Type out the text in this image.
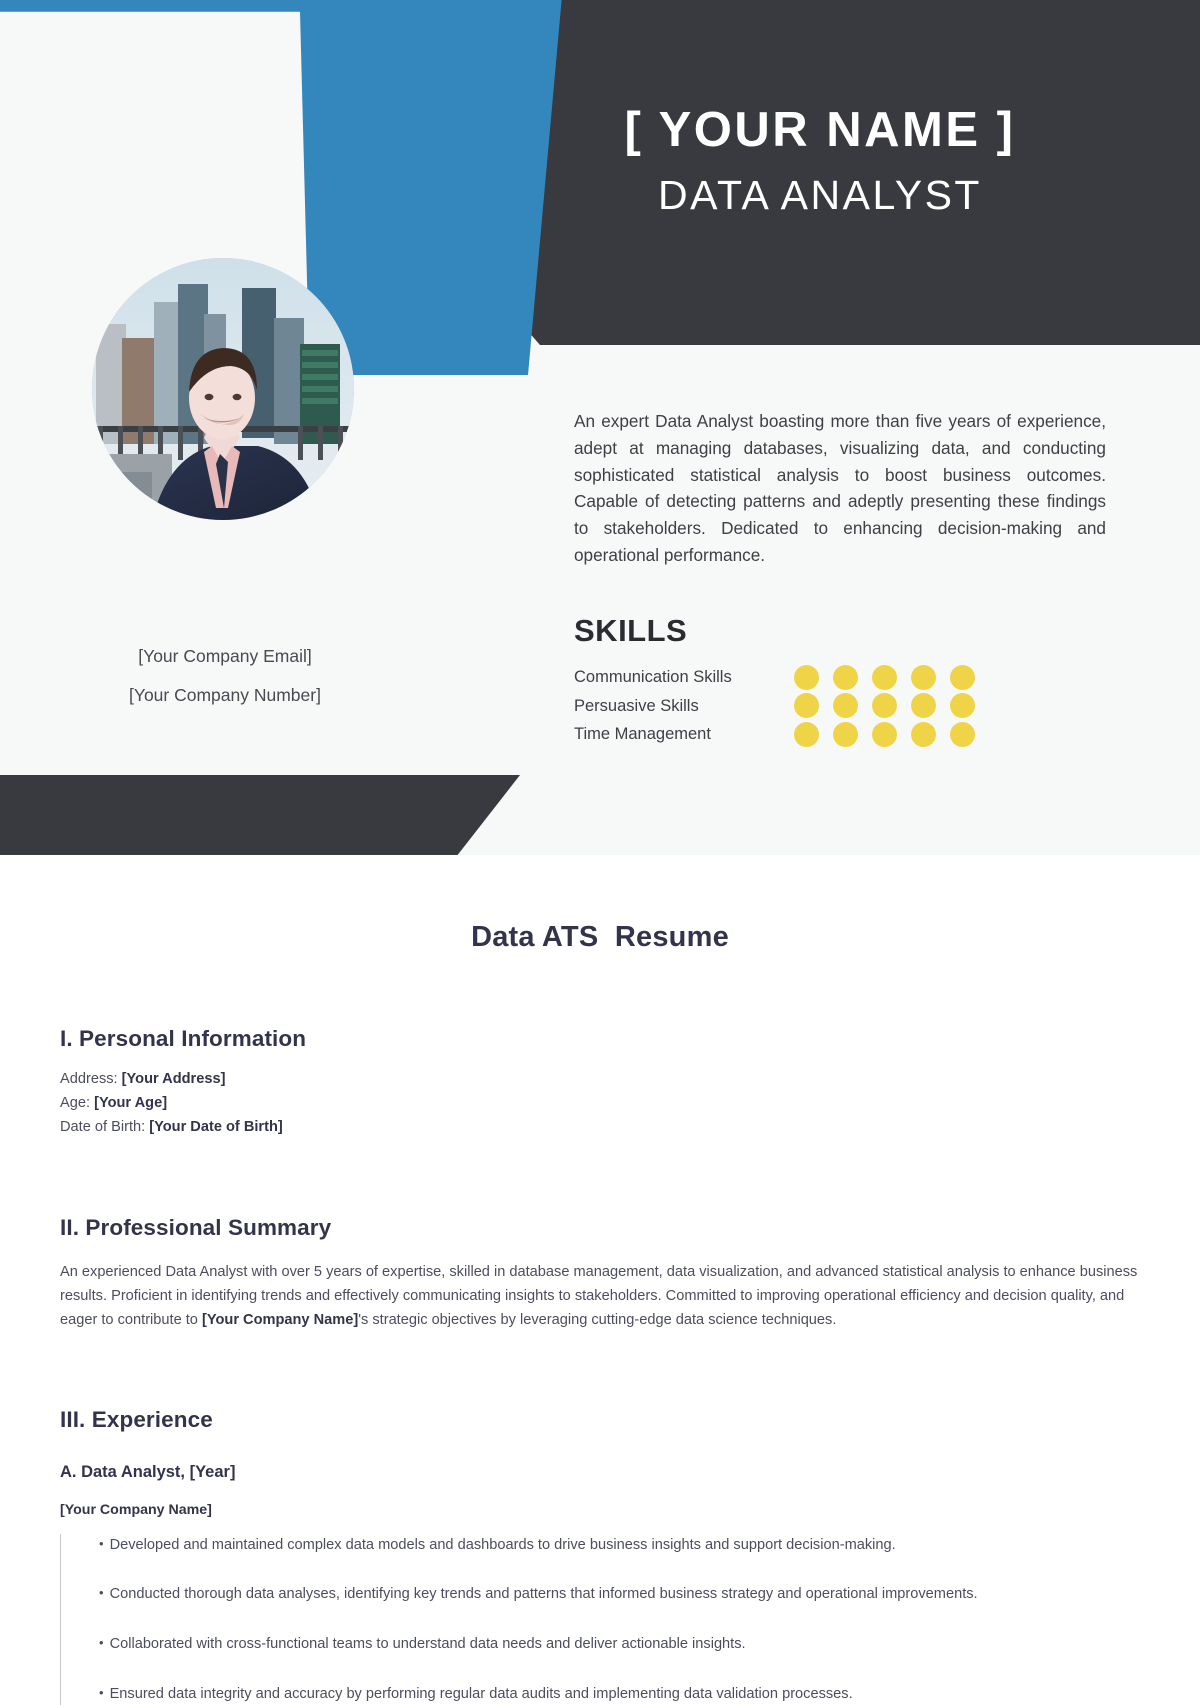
[ YOUR NAME ]
DATA ANALYST
[Your Company Email]
[Your Company Number]
An expert Data Analyst boasting more than five years of experience, adept at managing databases, visualizing data, and conducting sophisticated statistical analysis to boost business outcomes. Capable of detecting patterns and adeptly presenting these findings to stakeholders. Dedicated to enhancing decision-making and operational performance.
SKILLS
Communication Skills
Persuasive Skills
Time Management
Data ATS  Resume
I. Personal Information
Address: [Your Address]
Age: [Your Age]
Date of Birth: [Your Date of Birth]
II. Professional Summary

An experienced Data Analyst with over 5 years of expertise, skilled in database management, data visualization, and advanced statistical analysis to enhance business results. Proficient in identifying trends and effectively communicating insights to stakeholders. Committed to improving operational efficiency and decision quality, and eager to contribute to [Your Company Name]'s strategic objectives by leveraging cutting-edge data science techniques.

III. Experience
A. Data Analyst, [Year]
[Your Company Name]
• Developed and maintained complex data models and dashboards to drive business insights and support decision-making.
• Conducted thorough data analyses, identifying key trends and patterns that informed business strategy and operational improvements.
• Collaborated with cross-functional teams to understand data needs and deliver actionable insights.
• Ensured data integrity and accuracy by performing regular data audits and implementing data validation processes.
